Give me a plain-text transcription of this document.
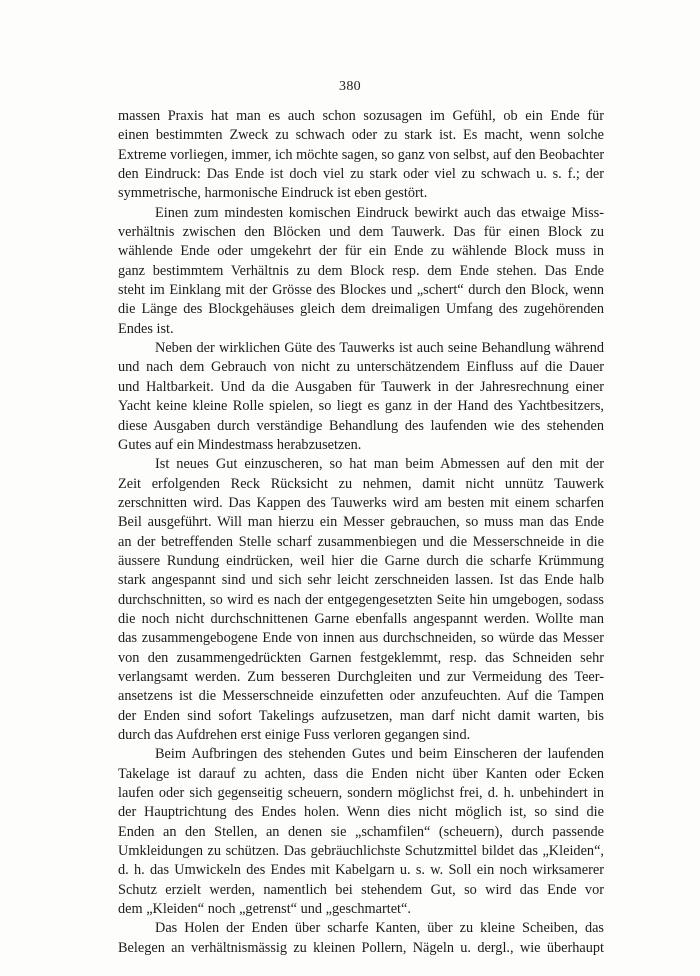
380
massen Praxis hat man es auch schon sozusagen im Gefühl, ob ein Ende für
einen bestimmten Zweck zu schwach oder zu stark ist. Es macht, wenn solche
Extreme vorliegen, immer, ich möchte sagen, so ganz von selbst, auf den Beobachter
den Eindruck: Das Ende ist doch viel zu stark oder viel zu schwach u. s. f.; der
symmetrische, harmonische Eindruck ist eben gestört.
Einen zum mindesten komischen Eindruck bewirkt auch das etwaige Miss-
verhältnis zwischen den Blöcken und dem Tauwerk. Das für einen Block zu
wählende Ende oder umgekehrt der für ein Ende zu wählende Block muss in
ganz bestimmtem Verhältnis zu dem Block resp. dem Ende stehen. Das Ende
steht im Einklang mit der Grösse des Blockes und „schert“ durch den Block, wenn
die Länge des Blockgehäuses gleich dem dreimaligen Umfang des zugehörenden
Endes ist.
Neben der wirklichen Güte des Tauwerks ist auch seine Behandlung während
und nach dem Gebrauch von nicht zu unterschätzendem Einfluss auf die Dauer
und Haltbarkeit. Und da die Ausgaben für Tauwerk in der Jahresrechnung einer
Yacht keine kleine Rolle spielen, so liegt es ganz in der Hand des Yachtbesitzers,
diese Ausgaben durch verständige Behandlung des laufenden wie des stehenden
Gutes auf ein Mindestmass herabzusetzen.
Ist neues Gut einzuscheren, so hat man beim Abmessen auf den mit der
Zeit erfolgenden Reck Rücksicht zu nehmen, damit nicht unnütz Tauwerk
zerschnitten wird. Das Kappen des Tauwerks wird am besten mit einem scharfen
Beil ausgeführt. Will man hierzu ein Messer gebrauchen, so muss man das Ende
an der betreffenden Stelle scharf zusammenbiegen und die Messerschneide in die
äussere Rundung eindrücken, weil hier die Garne durch die scharfe Krümmung
stark angespannt sind und sich sehr leicht zerschneiden lassen. Ist das Ende halb
durchschnitten, so wird es nach der entgegengesetzten Seite hin umgebogen, sodass
die noch nicht durchschnittenen Garne ebenfalls angespannt werden. Wollte man
das zusammengebogene Ende von innen aus durchschneiden, so würde das Messer
von den zusammengedrückten Garnen festgeklemmt, resp. das Schneiden sehr
verlangsamt werden. Zum besseren Durchgleiten und zur Vermeidung des Teer-
ansetzens ist die Messerschneide einzufetten oder anzufeuchten. Auf die Tampen
der Enden sind sofort Takelings aufzusetzen, man darf nicht damit warten, bis
durch das Aufdrehen erst einige Fuss verloren gegangen sind.
Beim Aufbringen des stehenden Gutes und beim Einscheren der laufenden
Takelage ist darauf zu achten, dass die Enden nicht über Kanten oder Ecken
laufen oder sich gegenseitig scheuern, sondern möglichst frei, d. h. unbehindert in
der Hauptrichtung des Endes holen. Wenn dies nicht möglich ist, so sind die
Enden an den Stellen, an denen sie „schamfilen“ (scheuern), durch passende
Umkleidungen zu schützen. Das gebräuchlichste Schutzmittel bildet das „Kleiden“,
d. h. das Umwickeln des Endes mit Kabelgarn u. s. w. Soll ein noch wirksamerer
Schutz erzielt werden, namentlich bei stehendem Gut, so wird das Ende vor
dem „Kleiden“ noch „getrenst“ und „geschmartet“.
Das Holen der Enden über scharfe Kanten, über zu kleine Scheiben, das
Belegen an verhältnismässig zu kleinen Pollern, Nägeln u. dergl., wie überhaupt
